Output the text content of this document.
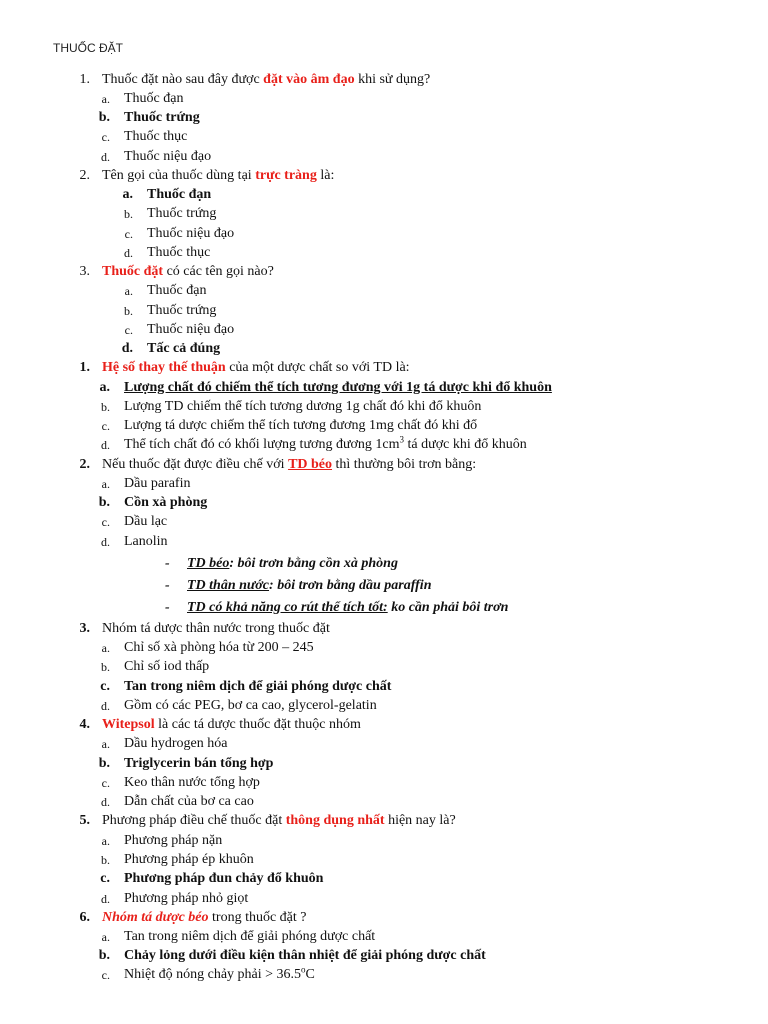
THUỐC ĐẶT
1. Thuốc đặt nào sau đây được đặt vào âm đạo khi sử dụng?
a. Thuốc đạn
b. Thuốc trứng
c. Thuốc thục
d. Thuốc niệu đạo
2. Tên gọi của thuốc dùng tại trực tràng là:
a. Thuốc đạn
b. Thuốc trứng
c. Thuốc niệu đạo
d. Thuốc thục
3. Thuốc đặt có các tên gọi nào?
a. Thuốc đạn
b. Thuốc trứng
c. Thuốc niệu đạo
d. Tấc cả đúng
1. Hệ số thay thế thuận của một dược chất so với TD là:
a. Lượng chất đó chiếm thể tích tương đương với 1g tá dược khi đổ khuôn
b. Lượng TD chiếm thể tích tương dương 1g chất đó khi đổ khuôn
c. Lượng tá dược chiếm thể tích tương đương 1mg chất đó khi đổ
d. Thể tích chất đó có khối lượng tương đương $1cm^3$ tá dược khi đổ khuôn
2. Nếu thuốc đặt được điều chế với TD béo thì thường bôi trơn bằng:
a. Dầu parafin
b. Cồn xà phòng
c. Dầu lạc
d. Lanolin
- TD béo: bôi trơn bằng cồn xà phòng
- TD thân nước: bôi trơn bằng dầu paraffin
- TD có khả năng co rút thể tích tốt: ko cần phải bôi trơn
3. Nhóm tá dược thân nước trong thuốc đặt
a. Chỉ số xà phòng hóa từ 200 – 245
b. Chỉ số iod thấp
c. Tan trong niêm dịch để giải phóng dược chất
d. Gồm có các PEG, bơ ca cao, glycerol-gelatin
4. Witepsol là các tá dược thuốc đặt thuộc nhóm
a. Dầu hydrogen hóa
b. Triglycerin bán tổng hợp
c. Keo thân nước tổng hợp
d. Dẫn chất của bơ ca cao
5. Phương pháp điều chế thuốc đặt thông dụng nhất hiện nay là?
a. Phương pháp nặn
b. Phương pháp ép khuôn
c. Phương pháp đun chảy đổ khuôn
d. Phương pháp nhỏ giọt
6. Nhóm tá dược béo trong thuốc đặt ?
a. Tan trong niêm dịch để giải phóng dược chất
b. Chảy lỏng dưới điều kiện thân nhiệt để giải phóng dược chất
c. Nhiệt độ nóng chảy phải > $36.5^oC$
